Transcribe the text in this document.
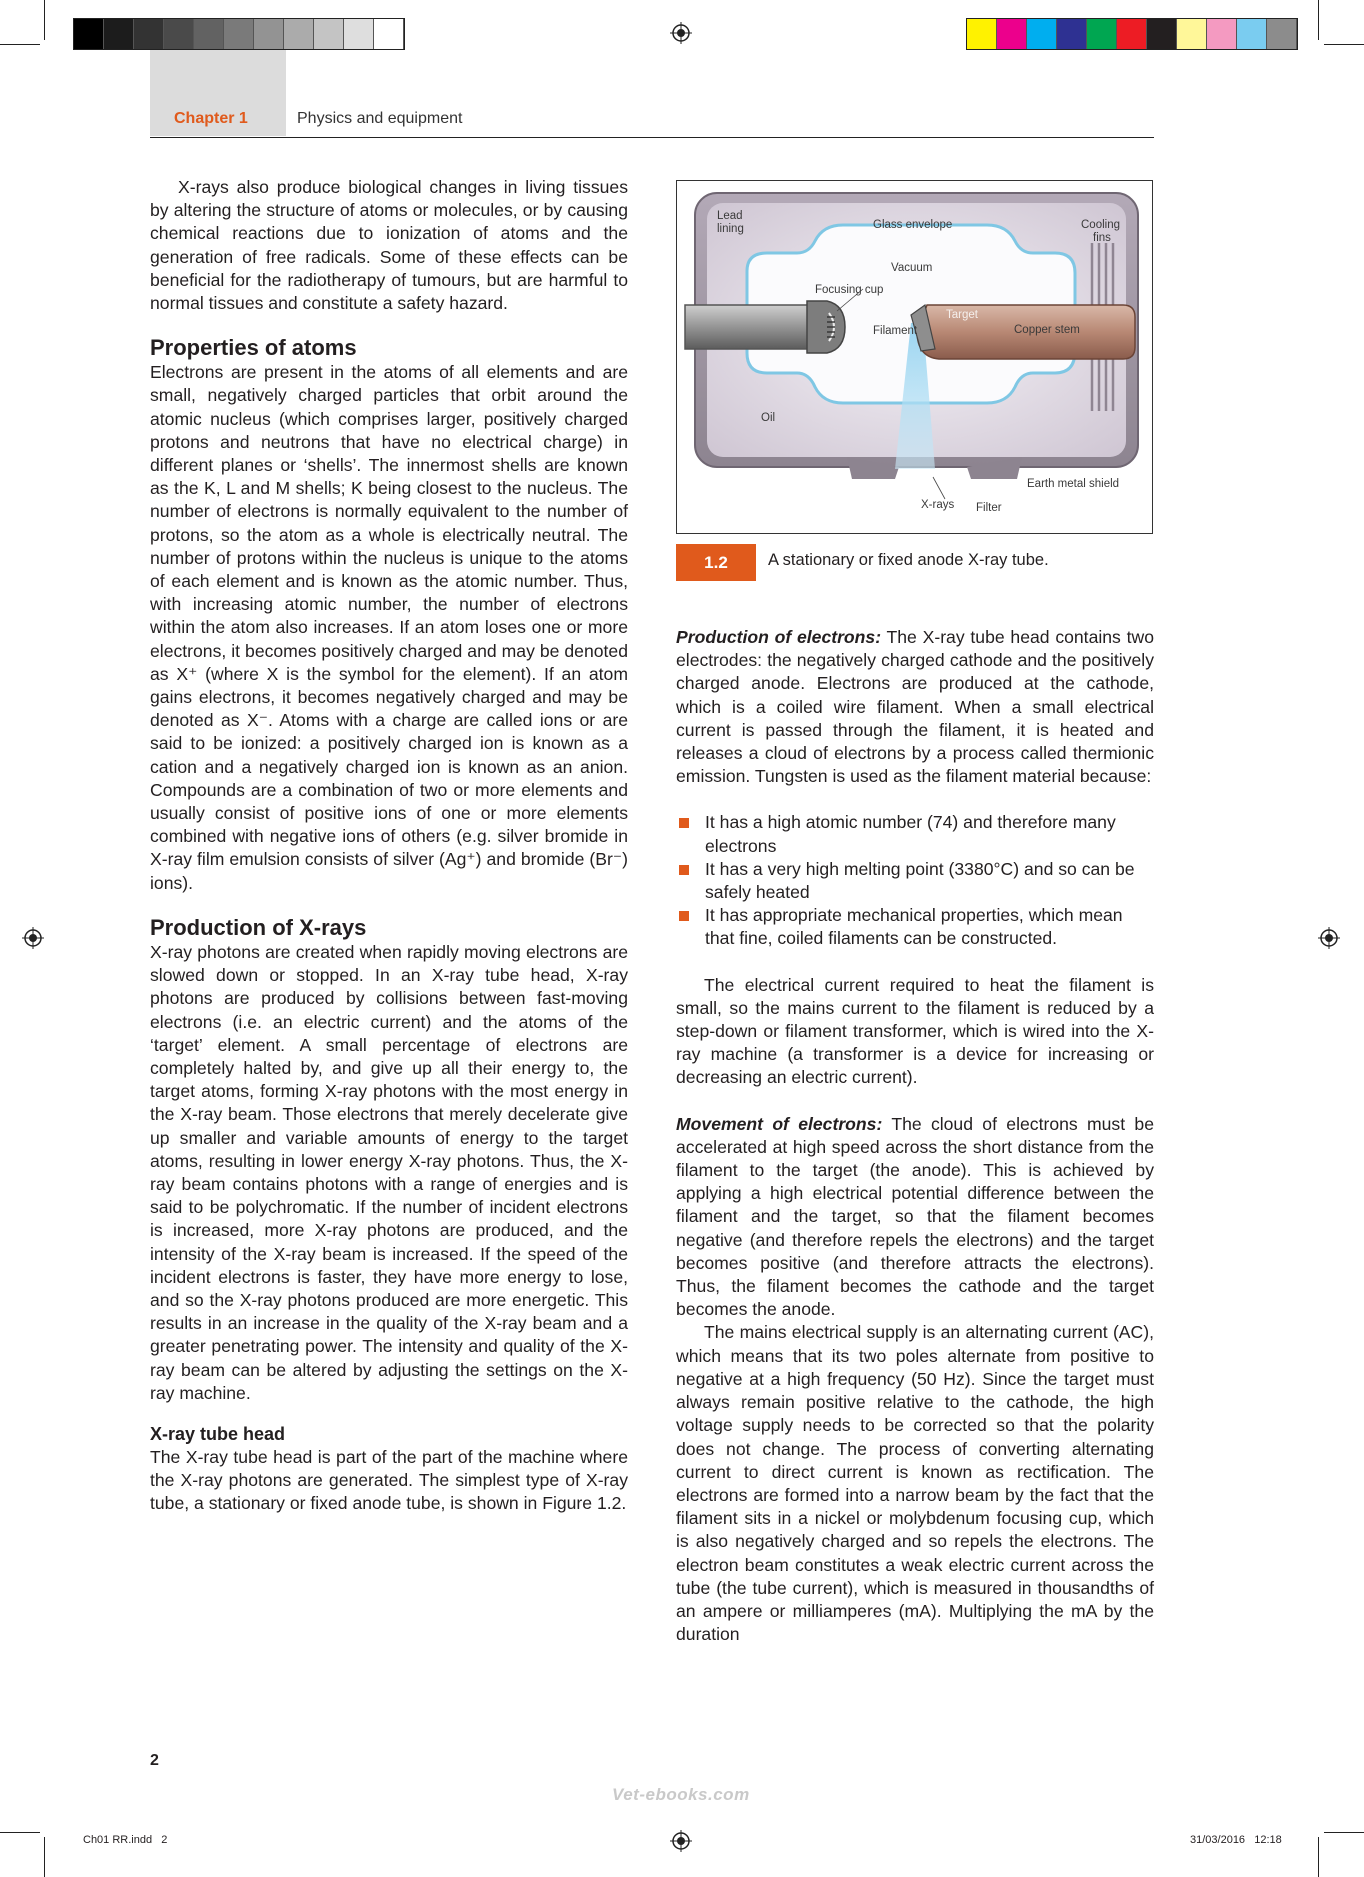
Chapter 1	Physics and equipment

X-rays also produce biological changes in living tissues by altering the structure of atoms or molecules, or by causing chemical reactions due to ionization of atoms and the generation of free radicals. Some of these effects can be beneficial for the radiotherapy of tumours, but are harmful to normal tissues and constitute a safety hazard.

Properties of atoms

Electrons are present in the atoms of all elements and are small, negatively charged particles that orbit around the atomic nucleus (which comprises larger, positively charged protons and neutrons that have no electrical charge) in different planes or ‘shells’. The innermost shells are known as the K, L and M shells; K being closest to the nucleus. The number of electrons is normally equivalent to the number of protons, so the atom as a whole is electrically neutral. The number of protons within the nucleus is unique to the atoms of each element and is known as the atomic number. Thus, with increasing atomic number, the number of electrons within the atom also increases. If an atom loses one or more electrons, it becomes positively charged and may be denoted as X⁺ (where X is the symbol for the element). If an atom gains electrons, it becomes negatively charged and may be denoted as X⁻. Atoms with a charge are called ions or are said to be ionized: a positively charged ion is known as a cation and a negatively charged ion is known as an anion. Compounds are a combination of two or more elements and usually consist of positive ions of one or more elements combined with negative ions of others (e.g. silver bromide in X-ray film emulsion consists of silver (Ag⁺) and bromide (Br⁻) ions).

Production of X-rays

X-ray photons are created when rapidly moving electrons are slowed down or stopped. In an X-ray tube head, X-ray photons are produced by collisions between fast-moving electrons (i.e. an electric current) and the atoms of the ‘target’ element. A small percentage of electrons are completely halted by, and give up all their energy to, the target atoms, forming X-ray photons with the most energy in the X-ray beam. Those electrons that merely decelerate give up smaller and variable amounts of energy to the target atoms, resulting in lower energy X-ray photons. Thus, the X-ray beam contains photons with a range of energies and is said to be polychromatic. If the number of incident electrons is increased, more X-ray photons are produced, and the intensity of the X-ray beam is increased. If the speed of the incident electrons is faster, they have more energy to lose, and so the X-ray photons produced are more energetic. This results in an increase in the quality of the X-ray beam and a greater penetrating power. The intensity and quality of the X-ray beam can be altered by adjusting the settings on the X-ray machine.

X-ray tube head

The X-ray tube head is part of the part of the machine where the X-ray photons are generated. The simplest type of X-ray tube, a stationary or fixed anode tube, is shown in Figure 1.2.

Lead
lining	Glass envelope	Cooling
fins
Vacuum
Focusing cup
Target
Filament	Copper stem
Oil
Earth metal shield
X-rays Filter
1.2	A stationary or fixed anode X-ray tube.

Production of electrons: The X-ray tube head contains two electrodes: the negatively charged cathode and the positively charged anode. Electrons are produced at the cathode, which is a coiled wire filament. When a small electrical current is passed through the filament, it is heated and releases a cloud of electrons by a process called thermionic emission. Tungsten is used as the filament material because:

It has a high atomic number (74) and therefore many electrons
It has a very high melting point (3380°C) and so can be safely heated
It has appropriate mechanical properties, which mean that fine, coiled filaments can be constructed.

The electrical current required to heat the filament is small, so the mains current to the filament is reduced by a step-down or filament transformer, which is wired into the X-ray machine (a transformer is a device for increasing or decreasing an electric current).

Movement of electrons: The cloud of electrons must be accelerated at high speed across the short distance from the filament to the target (the anode). This is achieved by applying a high electrical potential difference between the filament and the target, so that the filament becomes negative (and therefore repels the electrons) and the target becomes positive (and therefore attracts the electrons). Thus, the filament becomes the cathode and the target becomes the anode.

The mains electrical supply is an alternating current (AC), which means that its two poles alternate from positive to negative at a high frequency (50 Hz). Since the target must always remain positive relative to the cathode, the high voltage supply needs to be corrected so that the polarity does not change. The process of converting alternating current to direct current is known as rectification. The electrons are formed into a narrow beam by the fact that the filament sits in a nickel or molybdenum focusing cup, which is also negatively charged and so repels the electrons. The electron beam constitutes a weak electric current across the tube (the tube current), which is measured in thousandths of an ampere or milliamperes (mA). Multiplying the mA by the duration

2
Vet-ebooks.com
Ch01 RR.indd   2	31/03/2016   12:18
